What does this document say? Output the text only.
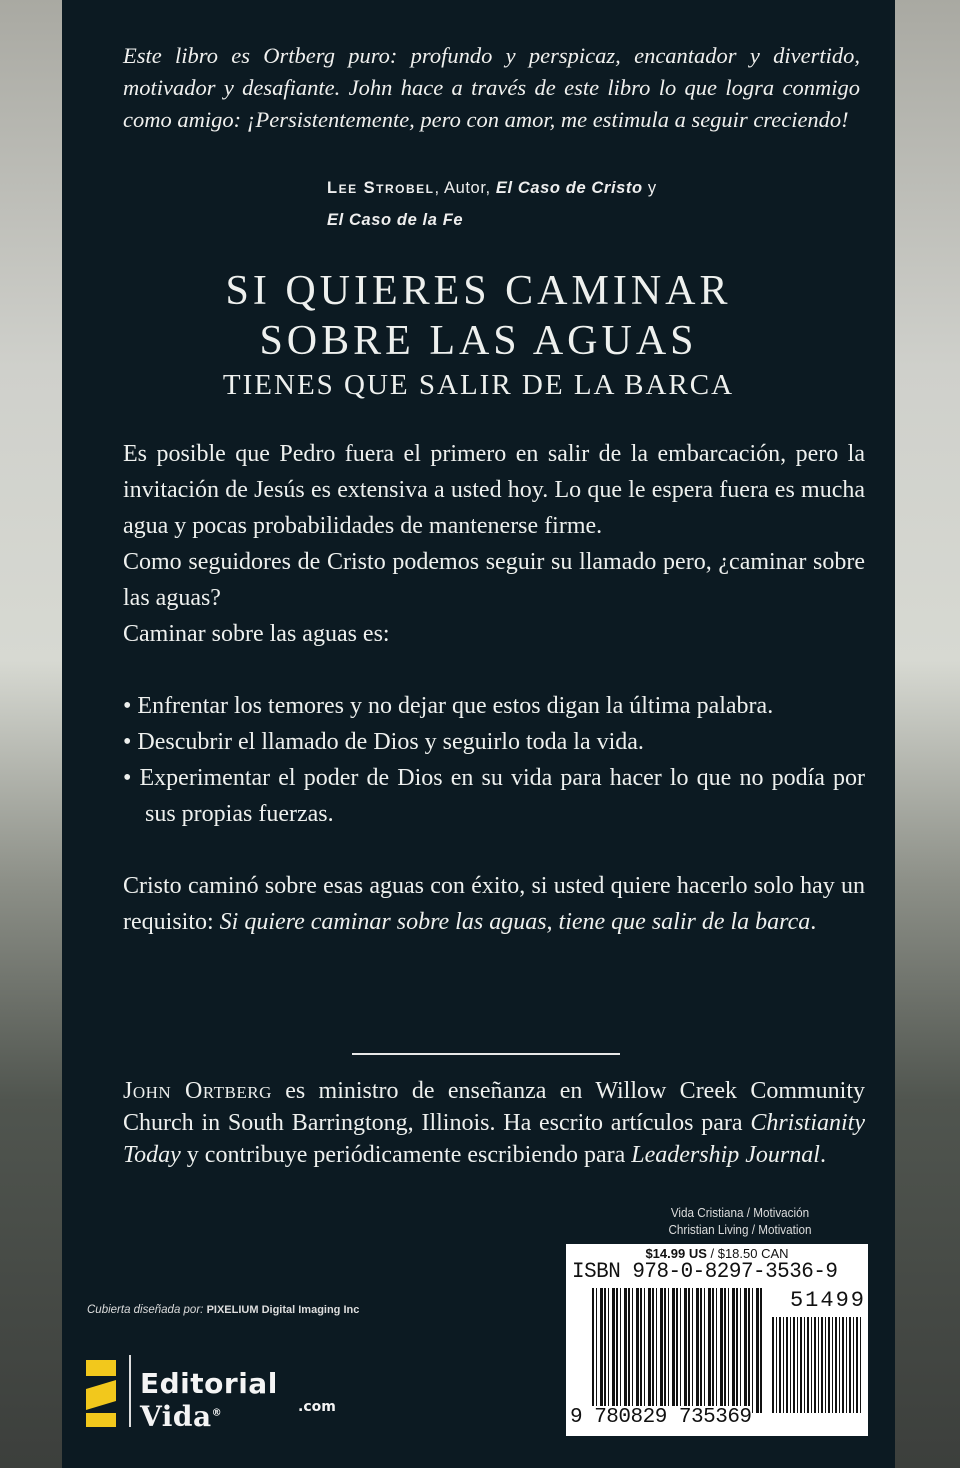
Este libro es Ortberg puro: profundo y perspicaz, encantador y divertido, motivador y desafiante. John hace a través de este libro lo que logra conmigo como amigo: ¡Persistentemente, pero con amor, me estimula a seguir creciendo!
Lee Strobel, Autor, El Caso de Cristo y
El Caso de la Fe
SI QUIERES CAMINAR
SOBRE LAS AGUAS
TIENES QUE SALIR DE LA BARCA

Es posible que Pedro fuera el primero en salir de la embarcación, pero la invitación de Jesús es extensiva a usted hoy. Lo que le espera fuera es mucha agua y pocas probabilidades de mantenerse firme.

Como seguidores de Cristo podemos seguir su llamado pero, ¿caminar sobre las aguas?

Caminar sobre las aguas es:

• Enfrentar los temores y no dejar que estos digan la última palabra.
• Descubrir el llamado de Dios y seguirlo toda la vida.
• Experimentar el poder de Dios en su vida para hacer lo que no podía por sus propias fuerzas.

Cristo caminó sobre esas aguas con éxito, si usted quiere hacerlo solo hay un requisito: Si quiere caminar sobre las aguas, tiene que salir de la barca.

John Ortberg es ministro de enseñanza en Willow Creek Community Church in South Barringtong, Illinois. Ha escrito artículos para Christianity Today y contribuye periódicamente escribiendo para Leadership Journal.
Vida Cristiana / Motivación
Christian Living / Motivation
$14.99 US / $18.50 CAN
ISBN 978-0-8297-3536-9
51499
9 780829 735369
Cubierta diseñada por: PIXELIUM Digital Imaging Inc
Editorial Vida®	.com
